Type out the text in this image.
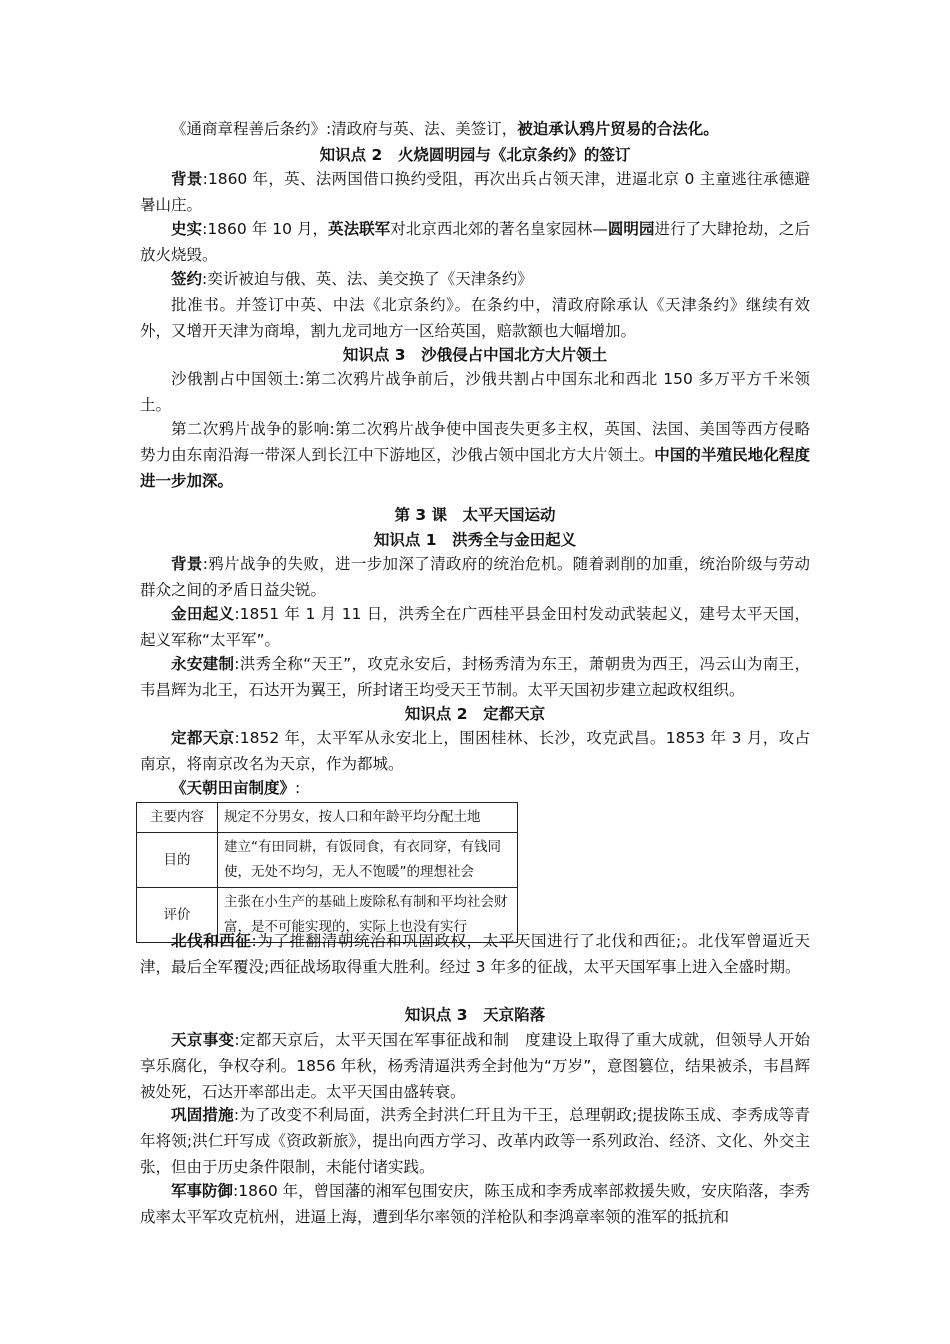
《通商章程善后条约》:清政府与英、法、美签订，被迫承认鸦片贸易的合法化。

知识点 2　火烧圆明园与《北京条约》的签订

背景:1860 年，英、法两国借口换约受阻，再次出兵占领天津，进逼北京 0 主童逃往承德避暑山庄。

史实:1860 年 10 月，英法联军对北京西北郊的著名皇家园林—圆明园进行了大肆抢劫，之后放火烧毁。

签约:奕䜣被迫与俄、英、法、美交换了《天津条约》

批准书。并签订中英、中法《北京条约》。在条约中，清政府除承认《天津条约》继续有效外，又增开天津为商埠，割九龙司地方一区给英国，赔款额也大幅增加。

知识点 3　沙俄侵占中国北方大片领土

沙俄割占中国领土:第二次鸦片战争前后，沙俄共割占中国东北和西北 150 多万平方千米领土。

第二次鸦片战争的影响:第二次鸦片战争使中国丧失更多主权，英国、法国、美国等西方侵略势力由东南沿海一带深人到长江中下游地区，沙俄占领中国北方大片领土。中国的半殖民地化程度进一步加深。

第 3 课　太平天国运动

知识点 1　洪秀全与金田起义

背景:鸦片战争的失败，进一步加深了清政府的统治危机。随着剥削的加重，统治阶级与劳动群众之间的矛盾日益尖锐。

金田起义:1851 年 1 月 11 日，洪秀全在广西桂平县金田村发动武装起义，建号太平天国，起义军称“太平军”。

永安建制:洪秀全称“天王”，攻克永安后，封杨秀清为东王，萧朝贵为西王，冯云山为南王，韦昌辉为北王，石达开为翼王，所封诸王均受天王节制。太平天国初步建立起政权组织。

知识点 2　定都天京

定都天京:1852 年，太平军从永安北上，围困桂林、长沙，攻克武昌。1853 年 3 月，攻占南京，将南京改名为天京，作为都城。

《天朝田亩制度》:

主要内容	规定不分男女，按人口和年龄平均分配土地
目的	建立“有田同耕，有饭同食，有衣同穿，有钱同使，无处不均匀，无人不饱暖”的理想社会
评价	主张在小生产的基础上废除私有制和平均社会财富，是不可能实现的，实际上也没有实行

北伐和西征:为了推翻清朝统治和巩固政权，太平天国进行了北伐和西征;。北伐军曾逼近天津，最后全军覆没;西征战场取得重大胜利。经过 3 年多的征战，太平天国军事上进入全盛时期。

知识点 3　天京陷落

天京事变:定都天京后，太平天国在军事征战和制　度建设上取得了重大成就，但领导人开始享乐腐化，争权夺利。1856 年秋，杨秀清逼洪秀全封他为“万岁”，意图篡位，结果被杀，韦昌辉被处死，石达开率部出走。太平天国由盛转衰。

巩固措施:为了改变不利局面，洪秀全封洪仁玕且为干王，总理朝政;提拔陈玉成、李秀成等青年将领;洪仁玕写成《资政新旅》，提出向西方学习、改革内政等一系列政治、经济、文化、外交主张，但由于历史条件限制，未能付诸实践。

军事防御:1860 年，曾国藩的湘军包围安庆，陈玉成和李秀成率部救援失败，安庆陷落，李秀成率太平军攻克杭州，进逼上海，遭到华尔率领的洋枪队和李鸿章率领的淮军的抵抗和
